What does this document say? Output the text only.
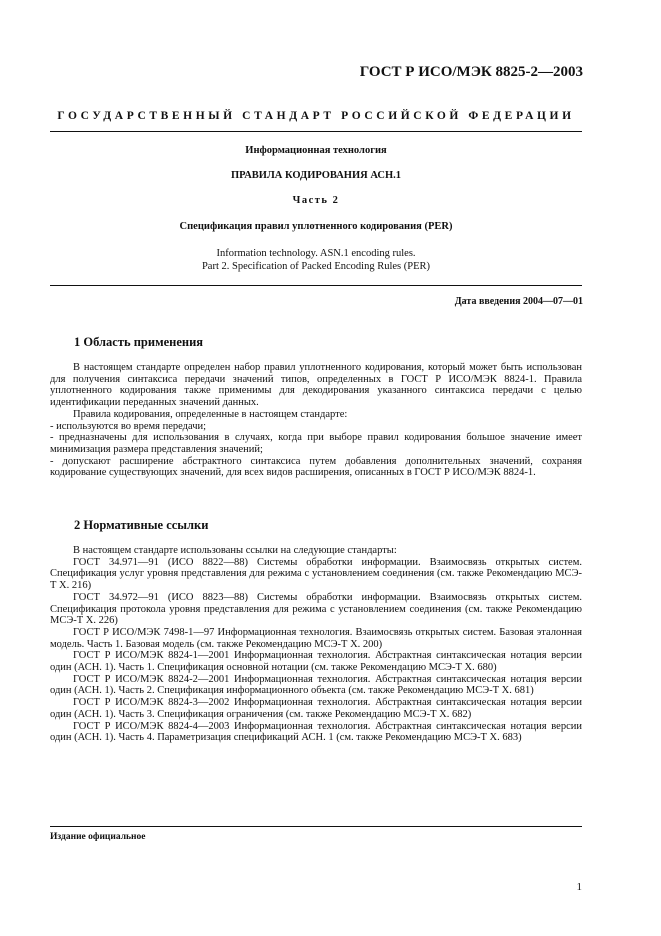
ГОСТ Р ИСО/МЭК 8825-2—2003
ГОСУДАРСТВЕННЫЙ СТАНДАРТ РОССИЙСКОЙ ФЕДЕРАЦИИ
Информационная технология
ПРАВИЛА КОДИРОВАНИЯ АСН.1
Часть 2
Спецификация правил уплотненного кодирования (PER)
Information technology. ASN.1 encoding rules.
Part 2. Specification of Packed Encoding Rules (PER)
Дата введения 2004—07—01
1 Область применения

В настоящем стандарте определен набор правил уплотненного кодирования, который может быть использован для получения синтаксиса передачи значений типов, определенных в ГОСТ Р ИСО/МЭК 8824-1. Правила уплотненного кодирования также применимы для декодирования указанного синтаксиса передачи с целью идентификации переданных значений данных.

Правила кодирования, определенные в настоящем стандарте:

- используются во время передачи;

- предназначены для использования в случаях, когда при выборе правил кодирования большое значение имеет минимизация размера представления значений;

- допускают расширение абстрактного синтаксиса путем добавления дополнительных значений, сохраняя кодирование существующих значений, для всех видов расширения, описанных в ГОСТ Р ИСО/МЭК 8824-1.

2 Нормативные ссылки

В настоящем стандарте использованы ссылки на следующие стандарты:

ГОСТ 34.971—91 (ИСО 8822—88) Системы обработки информации. Взаимосвязь открытых систем. Спецификация услуг уровня представления для режима с установлением соединения (см. также Рекомендацию МСЭ-Т Х. 216)

ГОСТ 34.972—91 (ИСО 8823—88) Системы обработки информации. Взаимосвязь открытых систем. Спецификация протокола уровня представления для режима с установлением соединения (см. также Рекомендацию МСЭ-Т Х. 226)

ГОСТ Р ИСО/МЭК 7498-1—97 Информационная технология. Взаимосвязь открытых систем. Базовая эталонная модель. Часть 1. Базовая модель (см. также Рекомендацию МСЭ-Т Х. 200)

ГОСТ Р ИСО/МЭК 8824-1—2001 Информационная технология. Абстрактная синтаксическая нотация версии один (АСН. 1). Часть 1. Спецификация основной нотации (см. также Рекомендацию МСЭ-Т Х. 680)

ГОСТ Р ИСО/МЭК 8824-2—2001 Информационная технология. Абстрактная синтаксическая нотация версии один (АСН. 1). Часть 2. Спецификация информационного объекта (см. также Рекомендацию МСЭ-Т Х. 681)

ГОСТ Р ИСО/МЭК 8824-3—2002 Информационная технология. Абстрактная синтаксическая нотация версии один (АСН. 1). Часть 3. Спецификация ограничения (см. также Рекомендацию МСЭ-Т Х. 682)

ГОСТ Р ИСО/МЭК 8824-4—2003 Информационная технология. Абстрактная синтаксическая нотация версии один (АСН. 1). Часть 4. Параметризация спецификаций АСН. 1 (см. также Рекомендацию МСЭ-Т Х. 683)

Издание официальное
1
